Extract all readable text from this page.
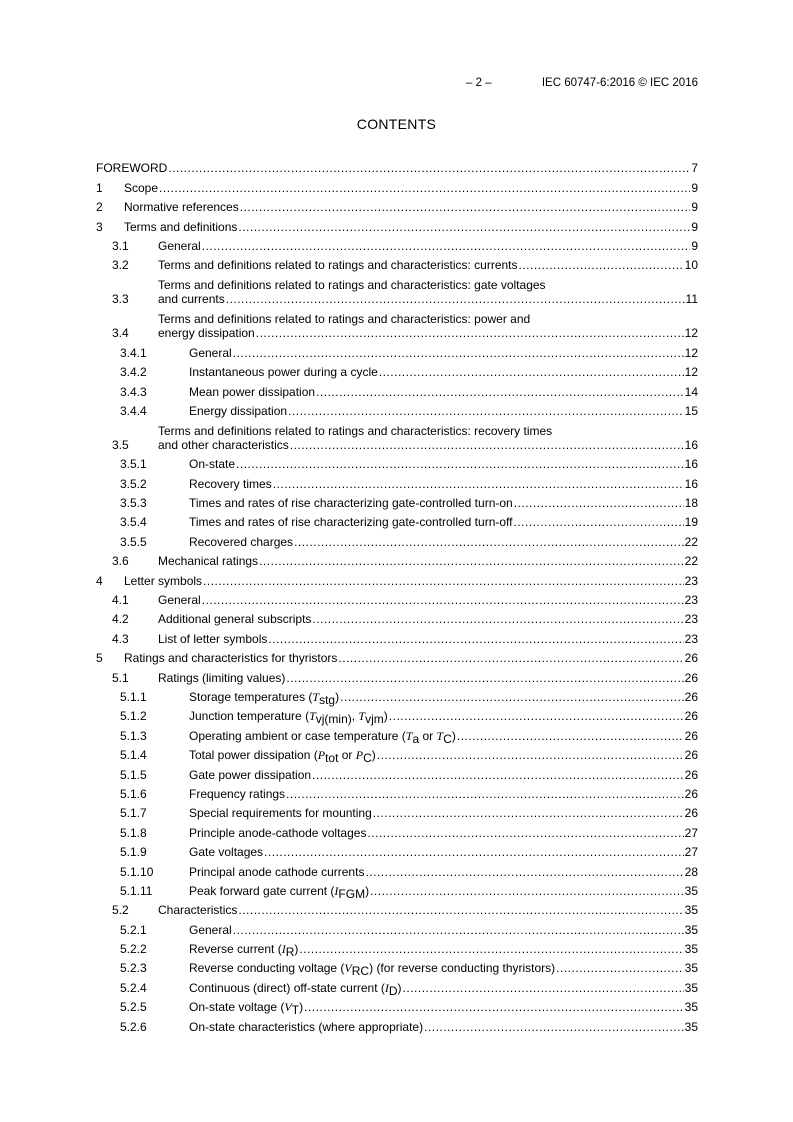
– 2 –	IEC 60747-6:2016 © IEC 2016
CONTENTS
FOREWORD .....	7
1	Scope .....	9
2	Normative references .....	9
3	Terms and definitions .....	9
3.1	General .....	9
3.2	Terms and definitions related to ratings and characteristics: currents .....	10
3.3
Terms and definitions related to ratings and characteristics: gate voltages
and currents .....	11
3.4
Terms and definitions related to ratings and characteristics: power and
energy dissipation .....	12
3.4.1	General .....	12
3.4.2	Instantaneous power during a cycle .....	12
3.4.3	Mean power dissipation .....	14
3.4.4	Energy dissipation .....	15
3.5
Terms and definitions related to ratings and characteristics: recovery times
and other characteristics .....	16
3.5.1	On-state .....	16
3.5.2	Recovery times .....	16
3.5.3	Times and rates of rise characterizing gate-controlled turn-on .....	18
3.5.4	Times and rates of rise characterizing gate-controlled turn-off .....	19
3.5.5	Recovered charges .....	22
3.6	Mechanical ratings .....	22
4	Letter symbols .....	23
4.1	General .....	23
4.2	Additional general subscripts .....	23
4.3	List of letter symbols .....	23
5	Ratings and characteristics for thyristors .....	26
5.1	Ratings (limiting values) .....	26
5.1.1	Storage temperatures (Tstg) .....	26
5.1.2	Junction temperature (Tvj(min), Tvjm) .....	26
5.1.3	Operating ambient or case temperature (Ta or TC) .....	26
5.1.4	Total power dissipation (Ptot or PC) .....	26
5.1.5	Gate power dissipation .....	26
5.1.6	Frequency ratings .....	26
5.1.7	Special requirements for mounting .....	26
5.1.8	Principle anode-cathode voltages .....	27
5.1.9	Gate voltages .....	27
5.1.10	Principal anode cathode currents .....	28
5.1.11	Peak forward gate current (IFGM) .....	35
5.2	Characteristics .....	35
5.2.1	General .....	35
5.2.2	Reverse current (IR) .....	35
5.2.3	Reverse conducting voltage (VRC) (for reverse conducting thyristors) .....	35
5.2.4	Continuous (direct) off-state current (ID) .....	35
5.2.5	On-state voltage (VT) .....	35
5.2.6	On-state characteristics (where appropriate) .....	35
